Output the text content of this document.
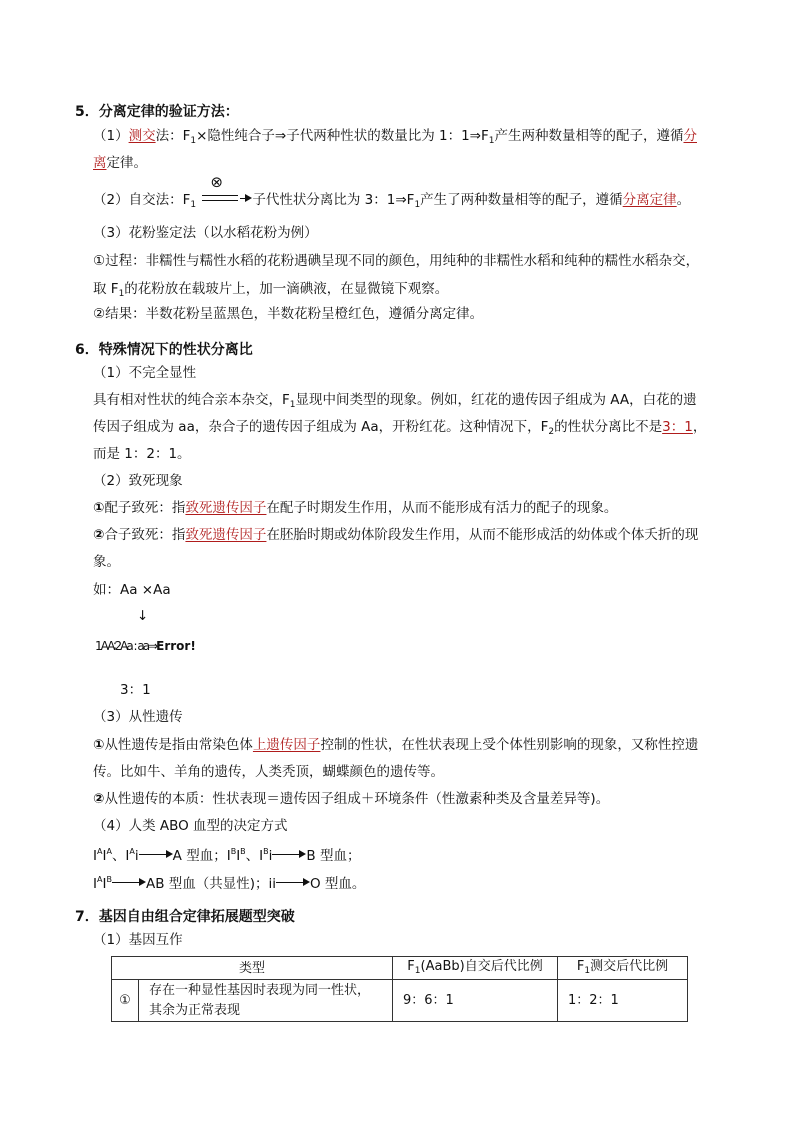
5．分离定律的验证方法：
（1）测交法：$F_1\times$隐性纯合子⇒子代两种性状的数量比为 1：$1\Rightarrow F_1$产生两种数量相等的配子，遵循分
离定律。
（2）自交法：$F_1$
⊗
子代性状分离比为 3：$1\Rightarrow F_1$产生了两种数量相等的配子，遵循分离定律。
（3）花粉鉴定法（以水稻花粉为例）
①过程：非糯性与糯性水稻的花粉遇碘呈现不同的颜色，用纯种的非糯性水稻和纯种的糯性水稻杂交，
取 $F_1$的花粉放在载玻片上，加一滴碘液，在显微镜下观察。
②结果：半数花粉呈蓝黑色，半数花粉呈橙红色，遵循分离定律。
6．特殊情况下的性状分离比
（1）不完全显性
具有相对性状的纯合亲本杂交，$F_1$显现中间类型的现象。例如，红花的遗传因子组成为 AA，白花的遗
传因子组成为 aa，杂合子的遗传因子组成为 Aa，开粉红花。这种情况下，$F_2$的性状分离比不是3：1，
而是 1：2：1。
（2）致死现象
①配子致死：指致死遗传因子在配子时期发生作用，从而不能形成有活力的配子的现象。
②合子致死：指致死遗传因子在胚胎时期或幼体阶段发生作用，从而不能形成活的幼体或个体夭折的现
象。
如：Aa ×Aa
↓
1AA∶2Aa : aa⇒Error!
3：1
（3）从性遗传
①从性遗传是指由常染色体上遗传因子控制的性状，在性状表现上受个体性别影响的现象，又称性控遗
传。比如牛、羊角的遗传，人类秃顶，蝴蝶颜色的遗传等。
②从性遗传的本质：性状表现＝遗传因子组成＋环境条件（性激素种类及含量差异等)。
（4）人类 ABO 血型的决定方式
$I^AI^A$、$I^Ai$	A 型血；$I^BI^B$、$I^Bi$	B 型血；
$I^AI^B$	AB 型血（共显性)；ii	O 型血。
7．基因自由组合定律拓展题型突破
（1）基因互作
类型		$F_1(AaBb)$自交后代比例	$F_1$测交后代比例
①	存在一种显性基因时表现为同一性状，
其余为正常表现	9：6：1	1：2：1
